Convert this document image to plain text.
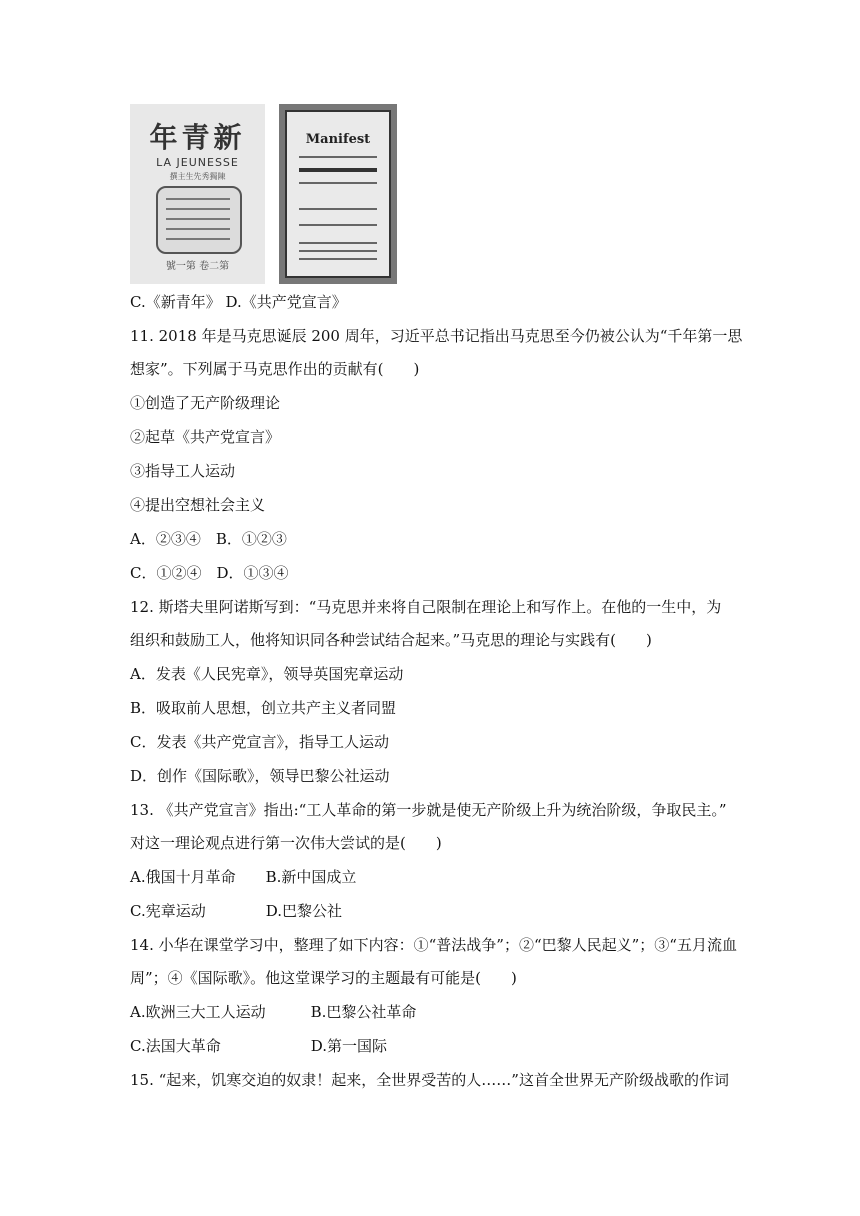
年青新
LA JEUNESSE
撰主生先秀獨陳
號一第 卷二第
Manifest
C.《新青年》 D.《共产党宣言》
11. 2018 年是马克思诞辰 200 周年，习近平总书记指出马克思至今仍被公认为“千年第一思
想家”。下列属于马克思作出的贡献有(　　)
①创造了无产阶级理论
②起草《共产党宣言》
③指导工人运动
④提出空想社会主义
A．②③④　B．①②③
C．①②④　D．①③④
12. 斯塔夫里阿诺斯写到：“马克思并来将自己限制在理论上和写作上。在他的一生中，为
组织和鼓励工人，他将知识同各种尝试结合起来。”马克思的理论与实践有(　　)
A．发表《人民宪章》，领导英国宪章运动
B．吸取前人思想，创立共产主义者同盟
C．发表《共产党宣言》，指导工人运动
D．创作《国际歌》，领导巴黎公社运动
13. 《共产党宣言》指出:“工人革命的第一步就是使无产阶级上升为统治阶级，争取民主。”
对这一理论观点进行第一次伟大尝试的是(　　)
A.俄国十月革命　　B.新中国成立
C.宪章运动　　　　D.巴黎公社
14. 小华在课堂学习中，整理了如下内容：①“普法战争”；②“巴黎人民起义”；③“五月流血
周”；④《国际歌》。他这堂课学习的主题最有可能是(　　)
A.欧洲三大工人运动　　　B.巴黎公社革命
C.法国大革命　　　　　　D.第一国际
15. “起来，饥寒交迫的奴隶！起来，全世界受苦的人……”这首全世界无产阶级战歌的作词
